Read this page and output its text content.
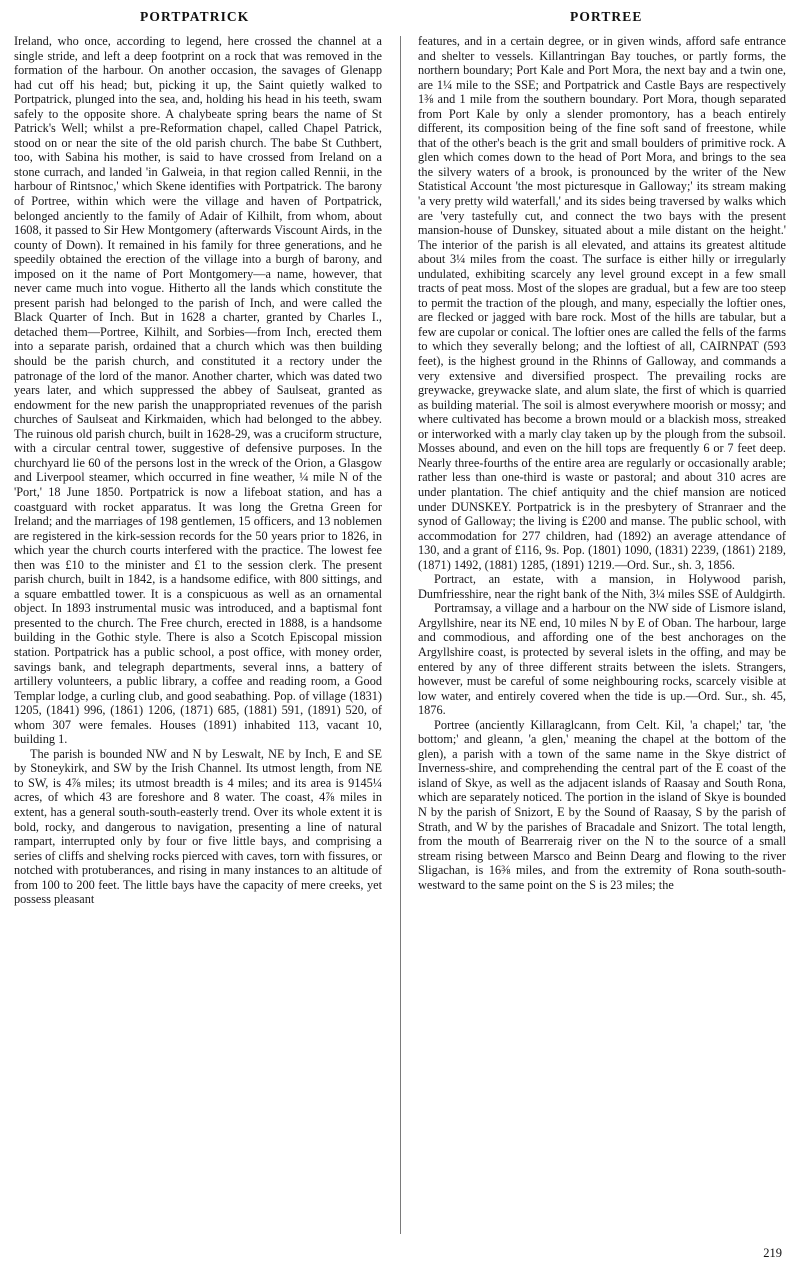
PORTPATRICK	PORTREE

Ireland, who once, according to legend, here crossed the channel at a single stride, and left a deep footprint on a rock that was removed in the formation of the harbour. On another occasion, the savages of Glenapp had cut off his head; but, picking it up, the Saint quietly walked to Portpatrick, plunged into the sea, and, holding his head in his teeth, swam safely to the opposite shore. A chalybeate spring bears the name of St Patrick's Well; whilst a pre-Reformation chapel, called Chapel Patrick, stood on or near the site of the old parish church. The babe St Cuthbert, too, with Sabina his mother, is said to have crossed from Ireland on a stone currach, and landed 'in Galweia, in that region called Rennii, in the harbour of Rintsnoc,' which Skene identifies with Portpatrick. The barony of Portree, within which were the village and haven of Portpatrick, belonged anciently to the family of Adair of Kilhilt, from whom, about 1608, it passed to Sir Hew Montgomery (afterwards Viscount Airds, in the county of Down). It remained in his family for three generations, and he speedily obtained the erection of the village into a burgh of barony, and imposed on it the name of Port Montgomery—a name, however, that never came much into vogue. Hitherto all the lands which constitute the present parish had belonged to the parish of Inch, and were called the Black Quarter of Inch. But in 1628 a charter, granted by Charles I., detached them—Portree, Kilhilt, and Sorbies—from Inch, erected them into a separate parish, ordained that a church which was then building should be the parish church, and constituted it a rectory under the patronage of the lord of the manor. Another charter, which was dated two years later, and which suppressed the abbey of Saulseat, granted as endowment for the new parish the unappropriated revenues of the parish churches of Saulseat and Kirkmaiden, which had belonged to the abbey. The ruinous old parish church, built in 1628-29, was a cruciform structure, with a circular central tower, suggestive of defensive purposes. In the churchyard lie 60 of the persons lost in the wreck of the Orion, a Glasgow and Liverpool steamer, which occurred in fine weather, ¼ mile N of the 'Port,' 18 June 1850. Portpatrick is now a lifeboat station, and has a coastguard with rocket apparatus. It was long the Gretna Green for Ireland; and the marriages of 198 gentlemen, 15 officers, and 13 noblemen are registered in the kirk-session records for the 50 years prior to 1826, in which year the church courts interfered with the practice. The lowest fee then was £10 to the minister and £1 to the session clerk. The present parish church, built in 1842, is a handsome edifice, with 800 sittings, and a square embattled tower. It is a conspicuous as well as an ornamental object. In 1893 instrumental music was introduced, and a baptismal font presented to the church. The Free church, erected in 1888, is a handsome building in the Gothic style. There is also a Scotch Episcopal mission station. Portpatrick has a public school, a post office, with money order, savings bank, and telegraph departments, several inns, a battery of artillery volunteers, a public library, a coffee and reading room, a Good Templar lodge, a curling club, and good seabathing. Pop. of village (1831) 1205, (1841) 996, (1861) 1206, (1871) 685, (1881) 591, (1891) 520, of whom 307 were females. Houses (1891) inhabited 113, vacant 10, building 1.

The parish is bounded NW and N by Leswalt, NE by Inch, E and SE by Stoneykirk, and SW by the Irish Channel. Its utmost length, from NE to SW, is 4⅞ miles; its utmost breadth is 4 miles; and its area is 9145¼ acres, of which 43 are foreshore and 8 water. The coast, 4⅞ miles in extent, has a general south-south-easterly trend. Over its whole extent it is bold, rocky, and dangerous to navigation, presenting a line of natural rampart, interrupted only by four or five little bays, and comprising a series of cliffs and shelving rocks pierced with caves, torn with fissures, or notched with protuberances, and rising in many instances to an altitude of from 100 to 200 feet. The little bays have the capacity of mere creeks, yet possess pleasant

features, and in a certain degree, or in given winds, afford safe entrance and shelter to vessels. Killantringan Bay touches, or partly forms, the northern boundary; Port Kale and Port Mora, the next bay and a twin one, are 1¼ mile to the SSE; and Portpatrick and Castle Bays are respectively 1⅜ and 1 mile from the southern boundary. Port Mora, though separated from Port Kale by only a slender promontory, has a beach entirely different, its composition being of the fine soft sand of freestone, while that of the other's beach is the grit and small boulders of primitive rock. A glen which comes down to the head of Port Mora, and brings to the sea the silvery waters of a brook, is pronounced by the writer of the New Statistical Account 'the most picturesque in Galloway;' its stream making 'a very pretty wild waterfall,' and its sides being traversed by walks which are 'very tastefully cut, and connect the two bays with the present mansion-house of Dunskey, situated about a mile distant on the height.' The interior of the parish is all elevated, and attains its greatest altitude about 3¼ miles from the coast. The surface is either hilly or irregularly undulated, exhibiting scarcely any level ground except in a few small tracts of peat moss. Most of the slopes are gradual, but a few are too steep to permit the traction of the plough, and many, especially the loftier ones, are flecked or jagged with bare rock. Most of the hills are tabular, but a few are cupolar or conical. The loftier ones are called the fells of the farms to which they severally belong; and the loftiest of all, CAIRNPAT (593 feet), is the highest ground in the Rhinns of Galloway, and commands a very extensive and diversified prospect. The prevailing rocks are greywacke, greywacke slate, and alum slate, the first of which is quarried as building material. The soil is almost everywhere moorish or mossy; and where cultivated has become a brown mould or a blackish moss, streaked or interworked with a marly clay taken up by the plough from the subsoil. Mosses abound, and even on the hill tops are frequently 6 or 7 feet deep. Nearly three-fourths of the entire area are regularly or occasionally arable; rather less than one-third is waste or pastoral; and about 310 acres are under plantation. The chief antiquity and the chief mansion are noticed under DUNSKEY. Portpatrick is in the presbytery of Stranraer and the synod of Galloway; the living is £200 and manse. The public school, with accommodation for 277 children, had (1892) an average attendance of 130, and a grant of £116, 9s. Pop. (1801) 1090, (1831) 2239, (1861) 2189, (1871) 1492, (1881) 1285, (1891) 1219.—Ord. Sur., sh. 3, 1856.

Portract, an estate, with a mansion, in Holywood parish, Dumfriesshire, near the right bank of the Nith, 3¼ miles SSE of Auldgirth.

Portramsay, a village and a harbour on the NW side of Lismore island, Argyllshire, near its NE end, 10 miles N by E of Oban. The harbour, large and commodious, and affording one of the best anchorages on the Argyllshire coast, is protected by several islets in the offing, and may be entered by any of three different straits between the islets. Strangers, however, must be careful of some neighbouring rocks, scarcely visible at low water, and entirely covered when the tide is up.—Ord. Sur., sh. 45, 1876.

Portree (anciently Killaraglcann, from Celt. Kil, 'a chapel;' tar, 'the bottom;' and gleann, 'a glen,' meaning the chapel at the bottom of the glen), a parish with a town of the same name in the Skye district of Inverness-shire, and comprehending the central part of the E coast of the island of Skye, as well as the adjacent islands of Raasay and South Rona, which are separately noticed. The portion in the island of Skye is bounded N by the parish of Snizort, E by the Sound of Raasay, S by the parish of Strath, and W by the parishes of Bracadale and Snizort. The total length, from the mouth of Bearreraig river on the N to the source of a small stream rising between Marsco and Beinn Dearg and flowing to the river Sligachan, is 16⅜ miles, and from the extremity of Rona south-south-westward to the same point on the S is 23 miles; the

219
